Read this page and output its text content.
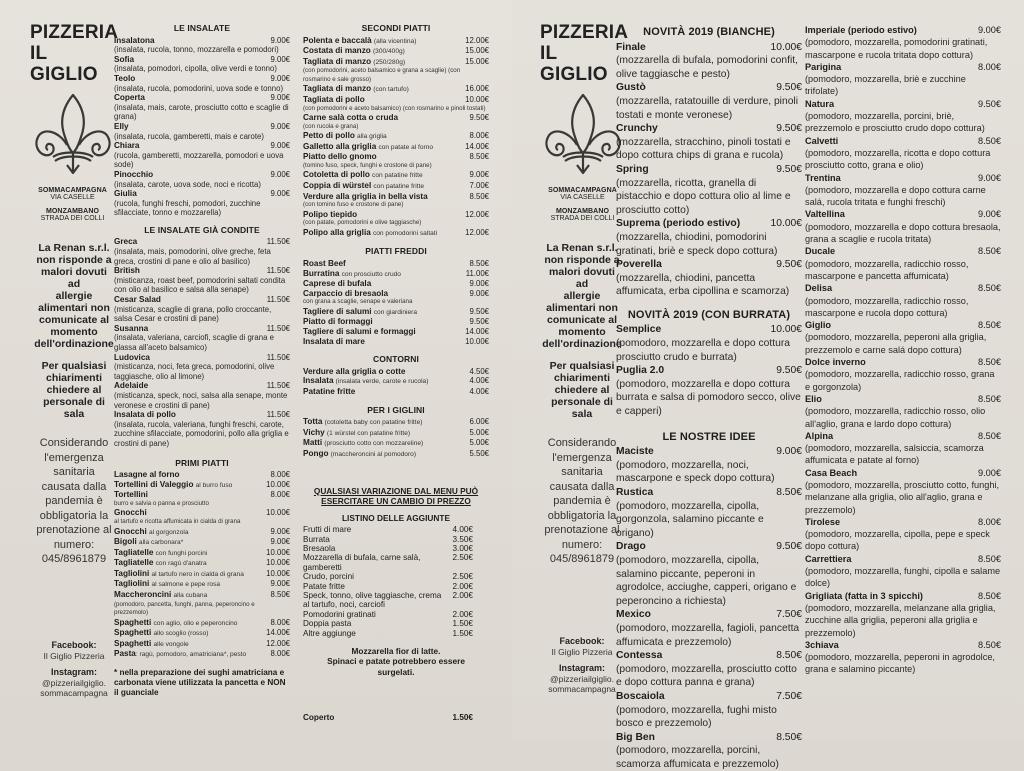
PIZZERIA
IL GIGLIO
SOMMACAMPAGNA
VIA CASELLE
MONZAMBANO
STRADA DEI COLLI
La Renan s.r.l.
non risponde a
malori dovuti ad
allergie
alimentari non
comunicate al
momento
dell'ordinazione
Per qualsiasi
chiarimenti
chiedere al
personale di
sala
Considerando
l'emergenza
sanitaria
causata dalla
pandemia è
obbligatoria la
prenotazione al
numero:
045/8961879
Facebook:
Il Giglio Pizzeria
Instagram:
@pizzeriailgiglio.
sommacampagna
LE INSALATE
Insalatona	9.00€
(insalata, rucola, tonno, mozzarella e pomodori)
Sofia	9.00€
(insalata, pomodori, cipolla, olive verdi e tonno)
Teolo	9.00€
(insalata, rucola, pomodorini, uova sode e tonno)
Coperta	9.00€
(insalata, mais, carote, prosciutto cotto e scaglie di grana)
Elly	9.00€
(insalata, rucola, gamberetti, mais e carote)
Chiara	9.00€
(rucola, gamberetti, mozzarella, pomodori e uova sode)
Pinocchio	9.00€
(insalata, carote, uova sode, noci e ricotta)
Giulia	9.00€
(rucola, funghi freschi, pomodori, zucchine sfilacciate, tonno e mozzarella)
LE INSALATE GIÀ CONDITE
Greca	11.50€
(insalata, mais, pomodorini, olive greche, feta greca, crostini di pane e olio al basilico)
British	11.50€
(misticanza, roast beef, pomodorini saltati condita con olio al basilico e salsa alla senape)
Cesar Salad	11.50€
(misticanza, scaglie di grana, pollo croccante, salsa Cesar e crostini di pane)
Susanna	11.50€
(insalata, valeriana, carciofi, scaglie di grana e glassa all'aceto balsamico)
Ludovica	11.50€
(misticanza, noci, feta greca, pomodorini, olive taggiasche, olio al limone)
Adelaide	11.50€
(misticanza, speck, noci, salsa alla senape, monte veronese e crostini di pane)
Insalata di pollo	11.50€
(insalata, rucola, valeriana, funghi freschi, carote, zucchine sfilacciate, pomodorini, pollo alla griglia e crostini di pane)
PRIMI PIATTI
Lasagne al forno	8.00€
Tortellini di Valeggio al burro fuso	10.00€
Tortellini	8.00€
burro e salvia o panna e prosciutto
Gnocchi	10.00€
al tartufo e ricotta affumicata in cialda di grana
Gnocchi al gorgonzola	9.00€
Bigoli alla carbonara*	9.00€
Tagliatelle con funghi porcini	10.00€
Tagliatelle con ragù d'anatra	10.00€
Tagliolini al tartufo nero in cialda di grana	10.00€
Tagliolini al salmone e pepe rosa	9.00€
Maccheroncini alla cubana	8.50€
(pomodoro, pancetta, funghi, panna, peperoncino e prezzemolo)
Spaghetti con aglio, olio e peperoncino	8.00€
Spaghetti allo scoglio (rosso)	14.00€
Spaghetti alle vongole	12.00€
Pasta: ragù, pomodoro, amatriciana*, pesto	8.00€
* nella preparazione dei sughi amatriciana e carbonata viene utilizzata la pancetta e NON il guanciale
SECONDI PIATTI
Polenta e baccalà (alla vicentina)	12.00€
Costata di manzo (300/400g)	15.00€
Tagliata di manzo (250/280g)	15.00€
(con pomodorini, aceto balsamico e grana a scaglie) (con rosmarino e sale grosso)
Tagliata di manzo (con tartufo)	16.00€
Tagliata di pollo	10.00€
(con pomodorini e aceto balsamico) (con rosmarino e pinoli tostati)
Carne salà cotta o cruda	9.50€
(con rucola e grana)
Petto di pollo alla griglia	8.00€
Galletto alla griglia con patate al forno	14.00€
Piatto dello gnomo	8.50€
(tomino fuso, speck, funghi e crostone di pane)
Cotoletta di pollo con patatine fritte	9.00€
Coppia di würstel con patatine fritte	7.00€
Verdure alla griglia in bella vista	8.50€
(con tomino fuso e crostone di pane)
Polipo tiepido	12.00€
(con patate, pomodorini e olive taggiasche)
Polipo alla griglia con pomodorini saltati	12.00€
PIATTI FREDDI
Roast Beef	8.50€
Burratina con prosciutto crudo	11.00€
Caprese di bufala	9.00€
Carpaccio di bresaola	9.00€
con grana a scaglie, senape e valeriana
Tagliere di salumi con giardiniera	9.50€
Piatto di formaggi	9.50€
Tagliere di salumi e formaggi	14.00€
Insalata di mare	10.00€
CONTORNI
Verdure alla griglia o cotte	4.50€
Insalata (insalata verde, carote e rucola)	4.00€
Patatine fritte	4.00€
PER I GIGLINI
Totta (cotoletta baby con patatine fritte)	6.00€
Vichy (1 würstel con patatine fritte)	5.00€
Matti (prosciutto cotto con mozzareline)	5.00€
Pongo (maccheroncini al pomodoro)	5.50€
QUALSIASI VARIAZIONE DAL MENU PUÒ
ESERCITARE UN CAMBIO DI PREZZO
LISTINO DELLE AGGIUNTE
Frutti di mare	4.00€
Burrata	3.50€
Bresaola	3.00€
Mozzarella di bufala, carne salà, gamberetti
2.50€
Crudo, porcini	2.50€
Patate fritte	2.00€
Speck, tonno, olive taggiasche, crema al tartufo, noci, carciofi
2.00€
Pomodorini gratinati	2.00€
Doppia pasta	1.50€
Altre aggiunge	1.50€
Mozzarella fior di latte.
Spinaci e patate potrebbero essere
surgelati.
Coperto	1.50€
PIZZERIA
IL GIGLIO
SOMMACAMPAGNA
VIA CASELLE
MONZAMBANO
STRADA DEI COLLI
La Renan s.r.l.
non risponde a
malori dovuti ad
allergie
alimentari non
comunicate al
momento
dell'ordinazione
Per qualsiasi
chiarimenti
chiedere al
personale di
sala
Considerando
l'emergenza
sanitaria
causata dalla
pandemia è
obbligatoria la
prenotazione al
numero:
045/8961879
Facebook:
Il Giglio Pizzeria
Instagram:
@pizzeriailgiglio.
sommacampagna
NOVITÀ 2019 (BIANCHE)
Finale	10.00€
(mozzarella di bufala, pomodorini confit, olive taggiasche e pesto)
Gustò	9.50€
(mozzarella, ratatouille di verdure, pinoli tostati e monte veronese)
Crunchy	9.50€
(mozzarella, stracchino, pinoli tostati e dopo cottura chips di grana e rucola)
Spring	9.50€
(mozzarella, ricotta, granella di pistacchio e dopo cottura olio al lime e prosciutto cotto)
Suprema (periodo estivo)	10.00€
(mozzarella, chiodini, pomodorini gratinati, briè e speck dopo cottura)
Poverella	9.50€
(mozzarella, chiodini, pancetta affumicata, erba cipollina e scamorza)
NOVITÀ 2019 (CON BURRATA)
Semplice	10.00€
(pomodoro, mozzarella e dopo cottura prosciutto crudo e burrata)
Puglia 2.0	9.50€
(pomodoro, mozzarella e dopo cottura burrata e salsa di pomodoro secco, olive e capperi)
LE NOSTRE IDEE
Maciste	9.00€
(pomodoro, mozzarella, noci, mascarpone e speck dopo cottura)
Rustica	8.50€
(pomodoro, mozzarella, cipolla, gorgonzola, salamino piccante e origano)
Drago	9.50€
(pomodoro, mozzarella, cipolla, salamino piccante, peperoni in agrodolce, acciughe, capperi, origano e peperoncino a richiesta)
Mexico	7.50€
(pomodoro, mozzarella, fagioli, pancetta affumicata e prezzemolo)
Contessa	8.50€
(pomodoro, mozzarella, prosciutto cotto e dopo cottura panna e grana)
Boscaiola	7.50€
(pomodoro, mozzarella, fughi misto bosco e prezzemolo)
Big Ben	8.50€
(pomodoro, mozzarella, porcini, scamorza affumicata e prezzemolo)
Imperiale (periodo estivo)	9.00€
(pomodoro, mozzarella, pomodorini gratinati, mascarpone e rucola tritata dopo cottura)
Parigina	8.00€
(pomodoro, mozzarella, briè e zucchine trifolate)
Natura	9.50€
(pomodoro, mozzarella, porcini, briè, prezzemolo e prosciutto crudo dopo cottura)
Calvetti	8.50€
(pomodoro, mozzarella, ricotta e dopo cottura prosciutto cotto, grana e olio)
Trentina	9.00€
(pomodoro, mozzarella e dopo cottura carne salá, rucola tritata e funghi freschi)
Valtellina	9.00€
(pomodoro, mozzarella e dopo cottura bresaola, grana a scaglie e rucola tritata)
Ducale	8.50€
(pomodoro, mozzarella, radicchio rosso, mascarpone e pancetta affumicata)
Delisa	8.50€
(pomodoro, mozzarella, radicchio rosso, mascarpone e rucola dopo cottura)
Giglio	8.50€
(pomodoro, mozzarella, peperoni alla griglia, prezzemolo e carne salá dopo cottura)
Dolce inverno	8.50€
(pomodoro, mozzarella, radicchio rosso, grana e gorgonzola)
Elio	8.50€
(pomodoro, mozzarella, radicchio rosso, olio all'aglio, grana e lardo dopo cottura)
Alpina	8.50€
(pomodoro, mozzarella, salsiccia, scamorza affumicata e patate al forno)
Casa Beach	9.00€
(pomodoro, mozzarella, prosciutto cotto, funghi, melanzane alla griglia, olio all'aglio, grana e prezzemolo)
Tirolese	8.00€
(pomodoro, mozzarella, cipolla, pepe e speck dopo cottura)
Carrettiera	8.50€
(pomodoro, mozzarella, funghi, cipolla e salame dolce)
Grigliata (fatta in 3 spicchi)	8.50€
(pomodoro, mozzarella, melanzane alla griglia, zucchine alla griglia, peperoni alla griglia e prezzemolo)
3chiava	8.50€
(pomodoro, mozzarella, peperoni in agrodolce, grana e salamino piccante)
